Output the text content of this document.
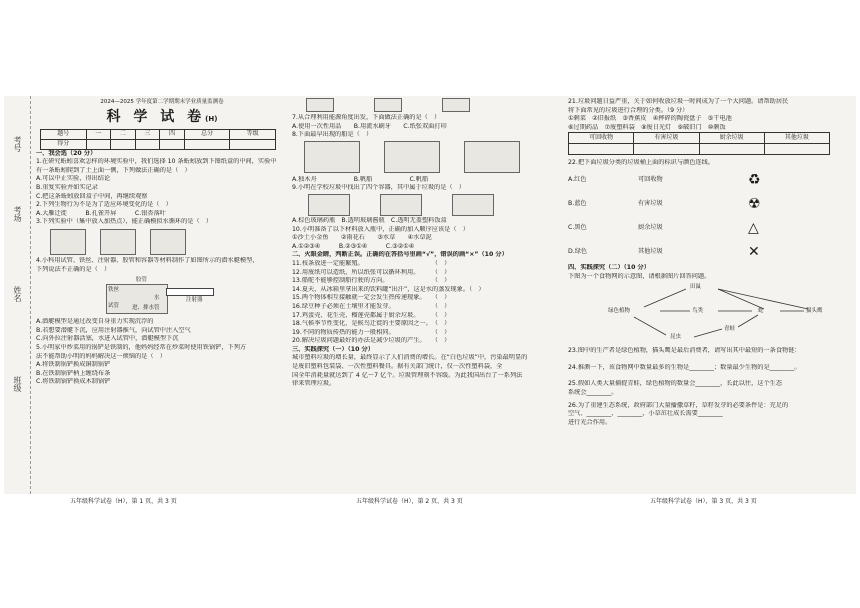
考号
考场
姓名
班级
2024—2025 学年度第二学期期末学业质量监测卷
科 学 试 卷(H)
题号	一	二	三	四	总分	等级
得分						
一、我会选（20 分）
1.在研究蚯蚓喜欢怎样的环境实验中，我们选择 10 条蚯蚓放到下图纸盒的中间，实验中
有一条蚯蚓爬到了土上面一侧，下列做法正确的是（　）
A.可以中止实验，得出结论
B.重复实验并如实记录
C.把这条蚯蚓放回盒子中间，再继续观察
2.下列生物行为不是为了适应环境变化的是（　）
A.大雁迁徙　　　B.孔雀开屏　　　C.银杏落叶
3.下列实验中（集中放入加热点），能正确模拟水循环的是（　）
4.小科用试管、铁丝、注射器、胶管和容器等材料制作了如图所示的潜水艇模型，
下列说法不正确的是（　）
胶管
注射器
铁丝
试管
水
进、排水管
A.潜艇模型是通过改变自身重力实现沉浮的
B.若想要潜艇下沉，应用注射器推气，向试管中注入空气
C.向外拉注射器活塞，水进入试管中，潜艇模型下沉
5.小明家中炒菜用的锅铲是铁制的，他妈妈经常在炒菜时使用铁锅铲，下列方
法不能帮助小明的妈妈解决这一烦恼的是（　）
A.将铁制锅铲换成铜制锅铲
B.在铁制锅铲柄上缠绕布条
C.将铁制锅铲换成木制锅铲
7.从合理利用能源角度出发，下面做法正确的是（　）
A.使用一次性用品　　B.用流水刷牙　　C.纸张双面打印
8.下面最早出现的船是（　）
A.独木舟　　　　　　B.帆船　　　　　　C.帆船
9.小明在学校垃圾中找出了四个容器，其中属于垃圾的是（　）
A.棕色玻璃药瓶　B.透明玻璃酱瓶　C.透明无盖塑料饭盒
10.小明准备了以下材料放入瓶中，正确的加入顺序应该是（　）
①沙土小金鱼　　②雨花石　　③水草　　④水草泥
A.①②③④　　　B.②③①④　　　C.③②①④
二、火眼金睛，判断正误。正确的在答括号里画“√”，错误的画“×”（10 分）
11.枝条放进一定能繁殖。　　　　　　　　　　　　（　）
12.用废纸可以造纸，所以纸张可以循环利用。　　　（　）
13.船舵不能够控制船行驶的方向。　　　　　　　　（　）
14.夏天，从冰箱里拿出来的饮料罐“出汗”，这是水的蒸发现象。（　）
15.两个物体相互接触就一定会发生热传递现象。　　（　）
16.绿豆种子必须在土壤里才能发芽。　　　　　　　（　）
17.鸡蛋壳、花生壳、榴莲壳都属于厨余垃圾。　　　（　）
18.气候季节性变化，是候鸟迁徙的主要原因之一。　（　）
19.不同的物质传热的能力一般相同。　　　　　　　（　）
20.解决垃圾问题最好的办法是减少垃圾的产生。　　（　）
三、实践探究（一）（10 分）
城市塑料垃圾的增长量，最终显示了人们消费的增长。在“白色垃圾”中，污染最明显的
是废旧塑料包装袋、一次性塑料餐具。据有关部门统计，仅一次性塑料袋，全
国全年消耗量就达到了 4 亿～7 亿个。垃圾管理刻不容缓。为此我国出台了一系列法
律来管理垃圾。
21.垃圾问题日益严重，关于如何收放垃圾一时间成为了一个大问题。请帮助居民
将下面常见的垃圾进行合理的分类。（9 分）
①剩菜　②旧报纸　③香蕉皮　④摔碎的陶瓷盘子　⑤干电池
⑥过期药品　⑦废塑料袋　⑧废日光灯　⑨破旧门　⑩剩饭
可回收物	有害垃圾	厨余垃圾	其他垃圾

22.把下面垃圾分类的垃圾桶上面的标识与颜色连线。
A.红色	可回收物	♻
B.蓝色	有害垃圾	☢
C.黑色	厨余垃圾	△
D.绿色	其他垃圾	✕
四、实践探究（二）（10 分）
下图为一个食物网的示意图，请根据图片回答问题。
田鼠
绿色植物	鸟类	蛇	猫头鹰
昆虫
青蛙
23.图中的生产者是绿色植物，猫头鹰是最后消费者，请写出其中最短的一条食物链：
24.推测一下，该食物网中数量最多的生物是________；数量最少生物的是________。
25.假如人类大量捕捉青蛙，绿色植物的数量会________，长此以往，这个生态
系统会________。
26.为了重建生态系统，政府部门大量播撒草籽，草籽发芽的必要条件是：充足的
空气、________、________，小草茁壮成长需要________
进行光合作用。
五年级科学试卷（H），第 1 页，共 3 页	五年级科学试卷（H），第 2 页，共 3 页	五年级科学试卷（H），第 3 页，共 3 页
